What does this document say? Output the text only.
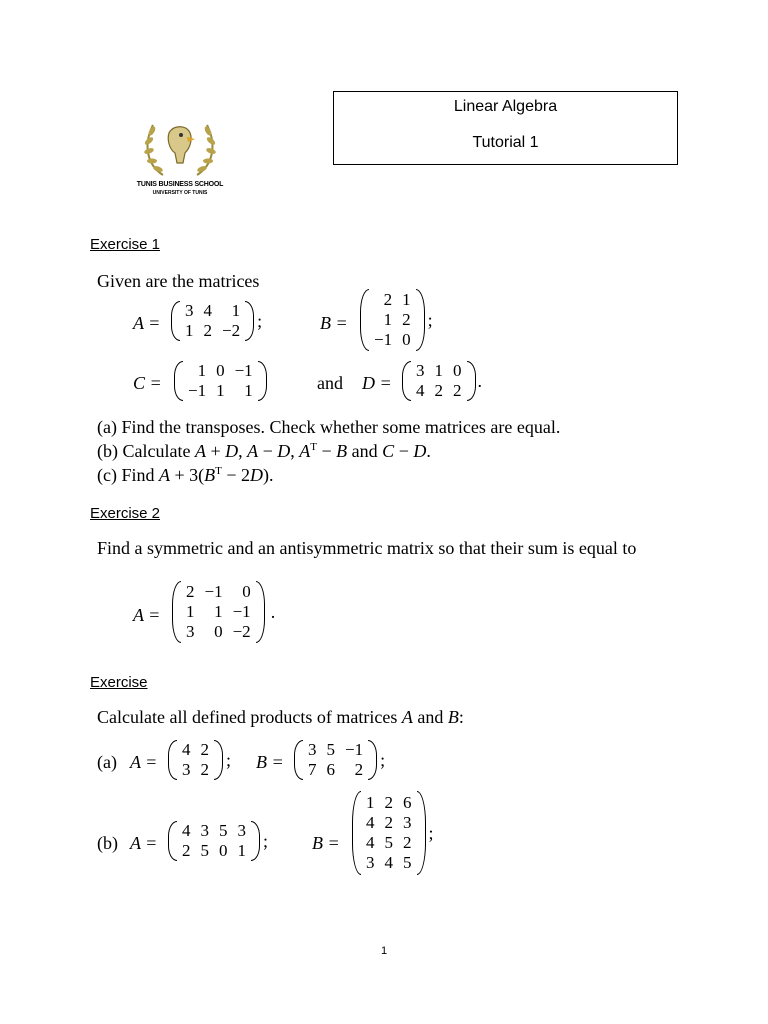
Linear Algebra
Tutorial 1
TUNIS BUSINESS SCHOOL
UNIVERSITY OF TUNIS
Exercise 1
Given are the matrices
A =
3	4	1
1	2	−2 ;	B =
2	1
1	2
−1	0
;
C =
1	0	−1
−1	1	1	and D =
3	1	0
4	2	2 .
(a) Find the transposes. Check whether some matrices are equal.
(b) Calculate A + D, A − D, $A^T - B$ and C − D.
(c) Find $A + 3(B^T - 2D)$.
Exercise 2
Find a symmetric and an antisymmetric matrix so that their sum is equal to
A =
2	−1	0
1	1	−1
3	0	−2
.
Exercise
Calculate all defined products of matrices A and B:
(a) A =
4	2
3	2 ; B =
3	5	−1
7	6	2 ;
(b) A =
4	3	5	3
2	5	0	1 ; B =
1	2	6
4	2	3
4	5	2
3	4	5
;
1
